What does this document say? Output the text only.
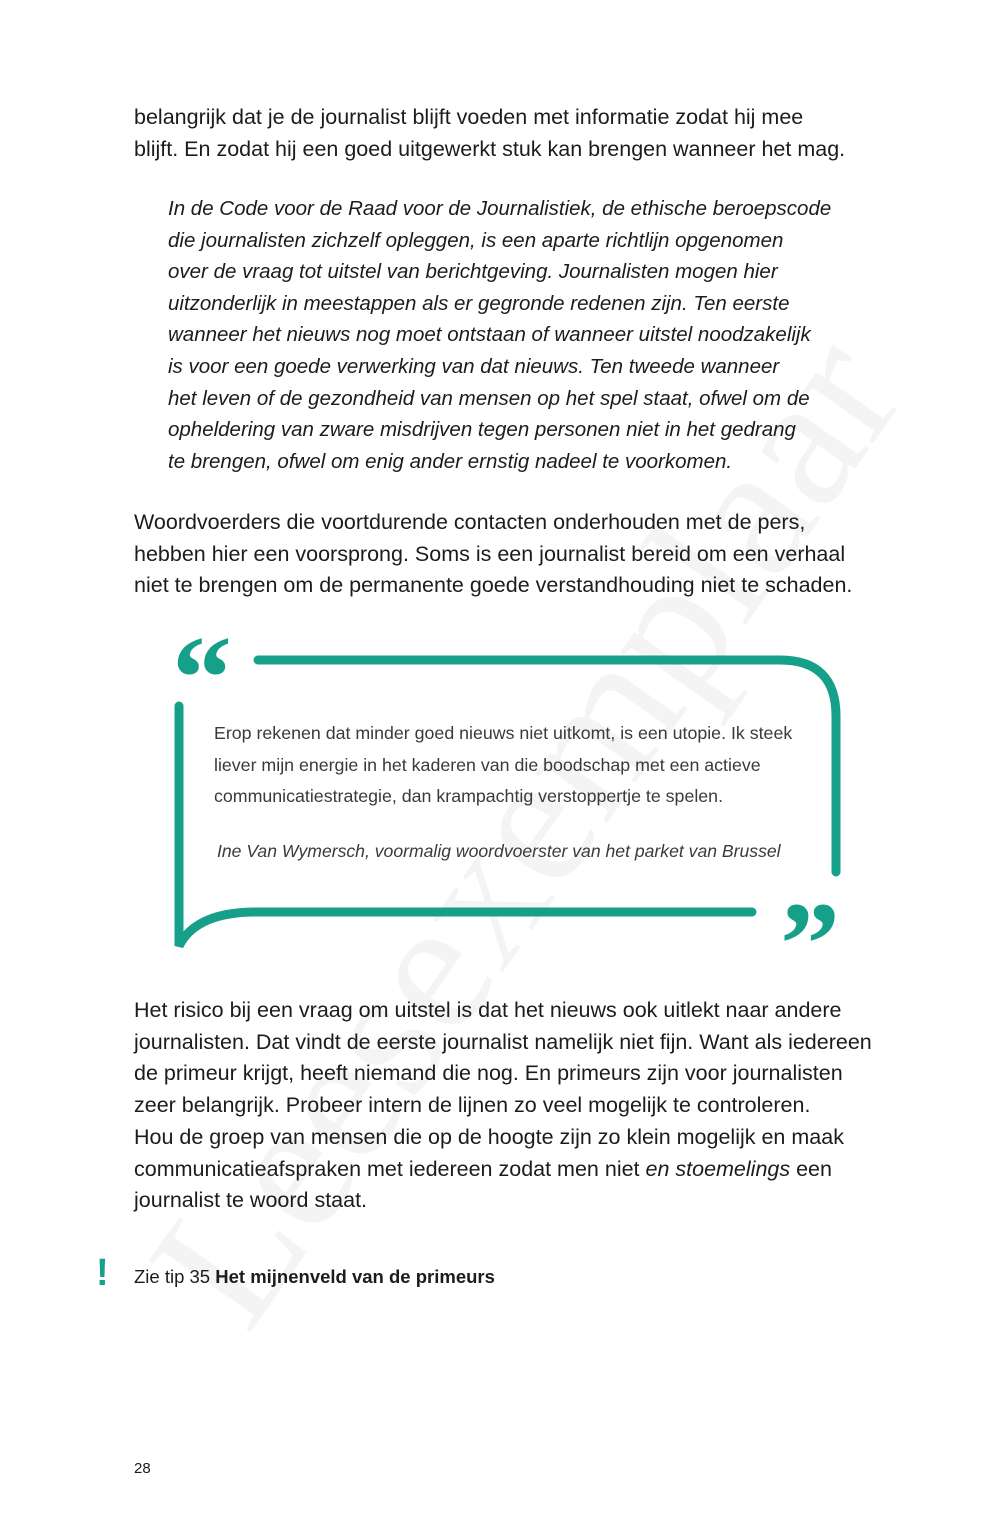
belangrijk dat je de journalist blijft voeden met informatie zodat hij mee
blijft. En zodat hij een goed uitgewerkt stuk kan brengen wanneer het mag.

In de Code voor de Raad voor de Journalistiek, de ethische beroepscode
die journalisten zichzelf opleggen, is een aparte richtlijn opgenomen
over de vraag tot uitstel van berichtgeving. Journalisten mogen hier
uitzonderlijk in meestappen als er gegronde redenen zijn. Ten eerste
wanneer het nieuws nog moet ontstaan of wanneer uitstel noodzakelijk
is voor een goede verwerking van dat nieuws. Ten tweede wanneer
het leven of de gezondheid van mensen op het spel staat, ofwel om de
opheldering van zware misdrijven tegen personen niet in het gedrang
te brengen, ofwel om enig ander ernstig nadeel te voorkomen.

Woordvoerders die voortdurende contacten onderhouden met de pers,
hebben hier een voorsprong. Soms is een journalist bereid om een verhaal
niet te brengen om de permanente goede verstandhouding niet te schaden.

“
”

Erop rekenen dat minder goed nieuws niet uitkomt, is een utopie. Ik steek
liever mijn energie in het kaderen van die boodschap met een actieve
communicatiestrategie, dan krampachtig verstoppertje te spelen.

Ine Van Wymersch, voormalig woordvoerster van het parket van Brussel

Het risico bij een vraag om uitstel is dat het nieuws ook uitlekt naar andere
journalisten. Dat vindt de eerste journalist namelijk niet fijn. Want als iedereen
de primeur krijgt, heeft niemand die nog. En primeurs zijn voor journalisten
zeer belangrijk. Probeer intern de lijnen zo veel mogelijk te controleren.
Hou de groep van mensen die op de hoogte zijn zo klein mogelijk en maak
communicatieafspraken met iedereen zodat men niet en stoemelings een
journalist te woord staat.

! Zie tip 35 Het mijnenveld van de primeurs
28
